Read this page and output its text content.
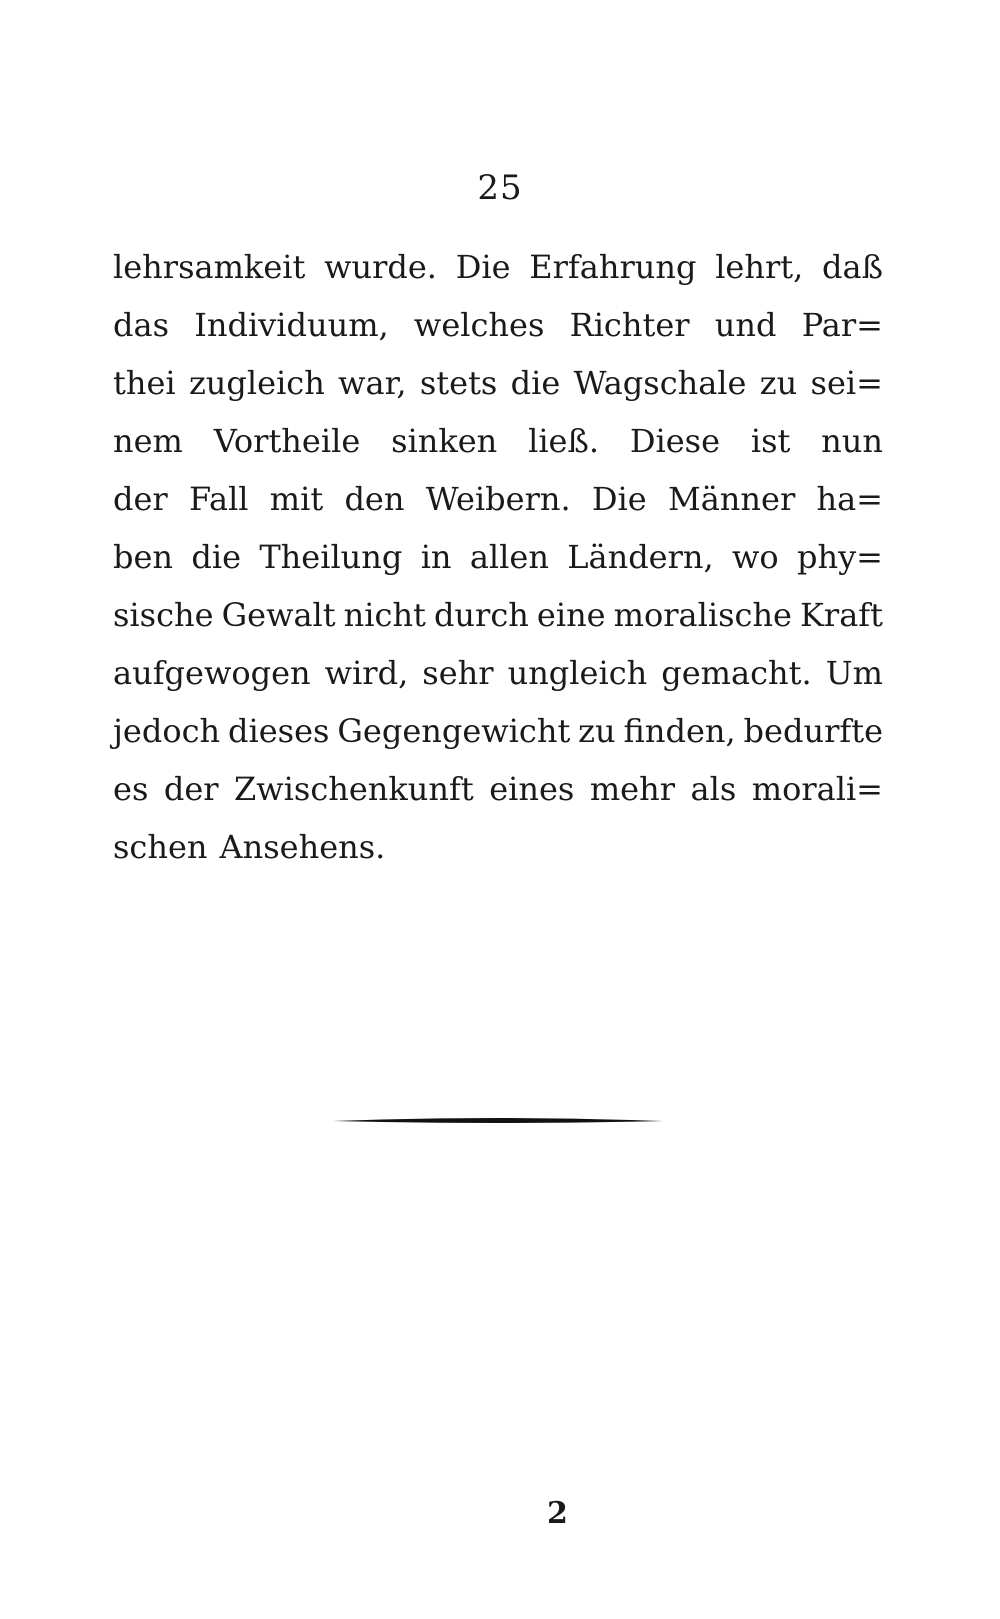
25
lehrsamkeit wurde. Die Erfahrung lehrt, daß
das Individuum, welches Richter und Par=
thei zugleich war, stets die Wagschale zu sei=
nem Vortheile sinken ließ. Diese ist nun
der Fall mit den Weibern. Die Männer ha=
ben die Theilung in allen Ländern, wo phy=
sische Gewalt nicht durch eine moralische Kraft
aufgewogen wird, sehr ungleich gemacht. Um
jedoch dieses Gegengewicht zu finden, bedurfte
es der Zwischenkunft eines mehr als morali=
schen Ansehens.
2
